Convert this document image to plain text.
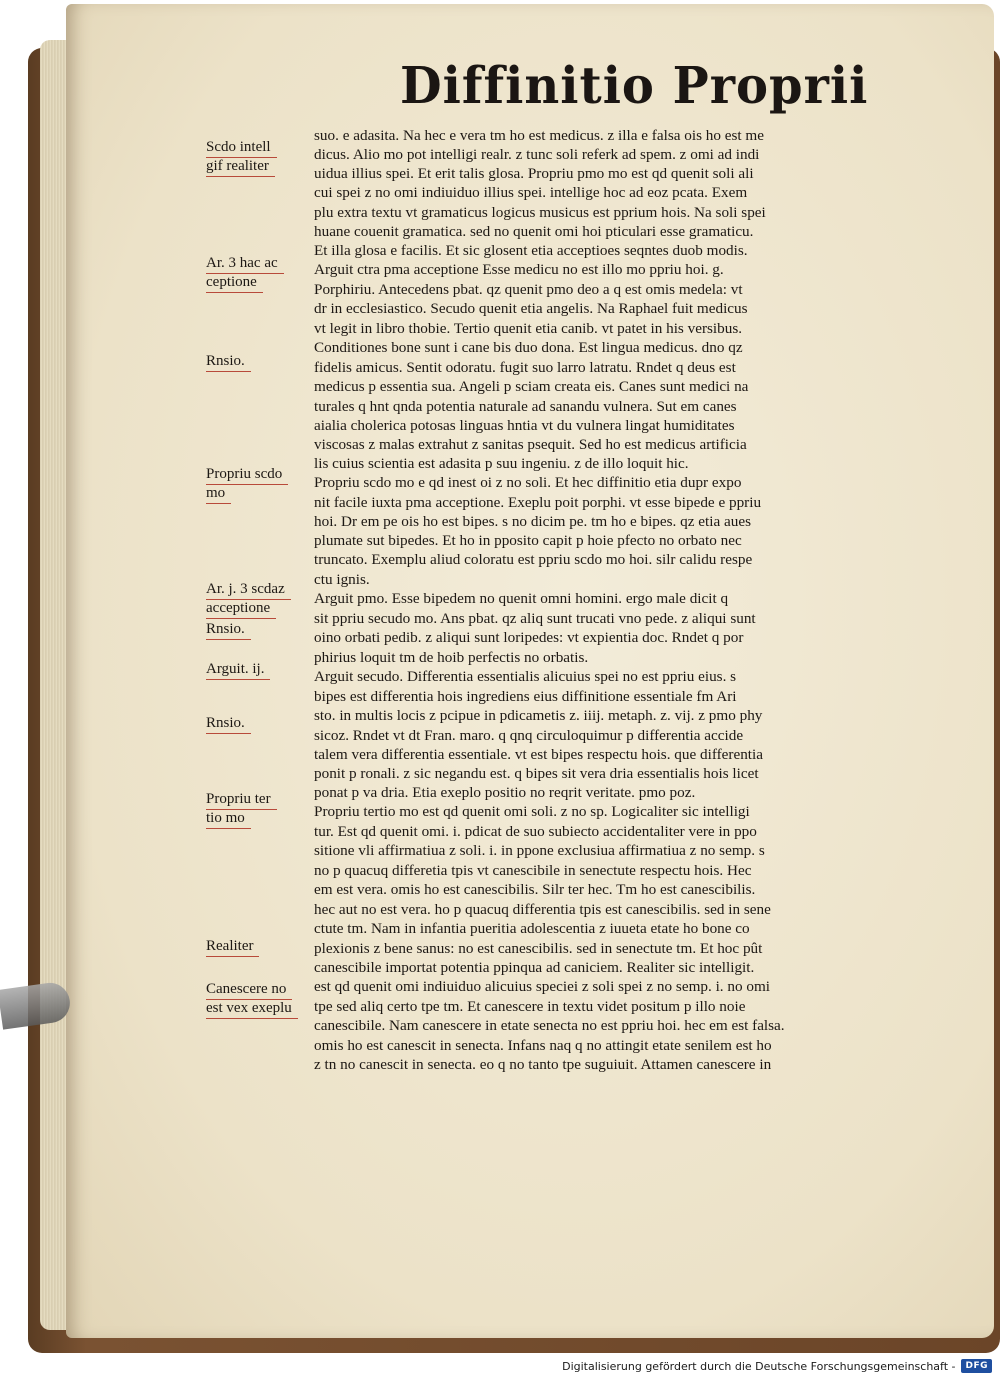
Diffinitio Proprii
Scdo intell
gif realiter
Ar. 3 hac ac
ceptione
Rnsio.
Propriu scdo
mo
Ar. j. 3 scdaz
acceptione
Rnsio.
Arguit. ij.
Rnsio.
Propriu ter
tio mo
Realiter
Canescere no
est vex exeplu
suo. e adasita. Na hec e vera tm ho est medicus. z illa e falsa ois ho est me
dicus. Alio mo pot intelligi realr. z tunc soli referk ad spem. z omi ad indi
uidua illius spei. Et erit talis glosa. Propriu pmo mo est qd quenit soli ali
cui spei z no omi indiuiduo illius spei. intellige hoc ad eoz pcata. Exem
plu extra textu vt gramaticus logicus musicus est pprium hois. Na soli spei
huane couenit gramatica. sed no quenit omi hoi pticulari esse gramaticu.
Et illa glosa e facilis. Et sic glosent etia acceptioes seqntes duob modis.
Arguit ctra pma acceptione Esse medicu no est illo mo ppriu hoi. g.
Porphiriu. Antecedens pbat. qz quenit pmo deo a q est omis medela: vt
dr in ecclesiastico. Secudo quenit etia angelis. Na Raphael fuit medicus
vt legit in libro thobie. Tertio quenit etia canib. vt patet in his versibus.
Conditiones bone sunt i cane bis duo dona. Est lingua medicus. dno qz
fidelis amicus. Sentit odoratu. fugit suo larro latratu. Rndet q deus est
medicus p essentia sua. Angeli p sciam creata eis. Canes sunt medici na
turales q hnt qnda potentia naturale ad sanandu vulnera. Sut em canes
aialia cholerica potosas linguas hntia vt du vulnera lingat humiditates
viscosas z malas extrahut z sanitas psequit. Sed ho est medicus artificia
lis cuius scientia est adasita p suu ingeniu. z de illo loquit hic.
Propriu scdo mo e qd inest oi z no soli. Et hec diffinitio etia dupr expo
nit facile iuxta pma acceptione. Exeplu poit porphi. vt esse bipede e ppriu
hoi. Dr em pe ois ho est bipes. s no dicim pe. tm ho e bipes. qz etia aues
plumate sut bipedes. Et ho in pposito capit p hoie pfecto no orbato nec
truncato. Exemplu aliud coloratu est ppriu scdo mo hoi. silr calidu respe
ctu ignis.
Arguit pmo. Esse bipedem no quenit omni homini. ergo male dicit q
sit ppriu secudo mo. Ans pbat. qz aliq sunt trucati vno pede. z aliqui sunt
oino orbati pedib. z aliqui sunt loripedes: vt expientia doc. Rndet q por
phirius loquit tm de hoib perfectis no orbatis.
Arguit secudo. Differentia essentialis alicuius spei no est ppriu eius. s
bipes est differentia hois ingrediens eius diffinitione essentiale fm Ari
sto. in multis locis z pcipue in pdicametis z. iiij. metaph. z. vij. z pmo phy
sicoz. Rndet vt dt Fran. maro. q qnq circuloquimur p differentia accide
talem vera differentia essentiale. vt est bipes respectu hois. que differentia
ponit p ronali. z sic negandu est. q bipes sit vera dria essentialis hois licet
ponat p va dria. Etia exeplo positio no reqrit veritate. pmo poz.
Propriu tertio mo est qd quenit omi soli. z no sp. Logicaliter sic intelligi
tur. Est qd quenit omi. i. pdicat de suo subiecto accidentaliter vere in ppo
sitione vli affirmatiua z soli. i. in ppone exclusiua affirmatiua z no semp. s
no p quacuq differetia tpis vt canescibile in senectute respectu hois. Hec
em est vera. omis ho est canescibilis. Silr ter hec. Tm ho est canescibilis.
hec aut no est vera. ho p quacuq differentia tpis est canescibilis. sed in sene
ctute tm. Nam in infantia pueritia adolescentia z iuueta etate ho bone co
plexionis z bene sanus: no est canescibilis. sed in senectute tm. Et hoc pût
canescibile importat potentia ppinqua ad caniciem. Realiter sic intelligit.
est qd quenit omi indiuiduo alicuius speciei z soli spei z no semp. i. no omi
tpe sed aliq certo tpe tm. Et canescere in textu videt positum p illo noie
canescibile. Nam canescere in etate senecta no est ppriu hoi. hec em est falsa.
omis ho est canescit in senecta. Infans naq q no attingit etate senilem est ho
z tn no canescit in senecta. eo q no tanto tpe suguiuit. Attamen canescere in
Digitalisierung gefördert durch die Deutsche Forschungsgemeinschaft -	DFG
